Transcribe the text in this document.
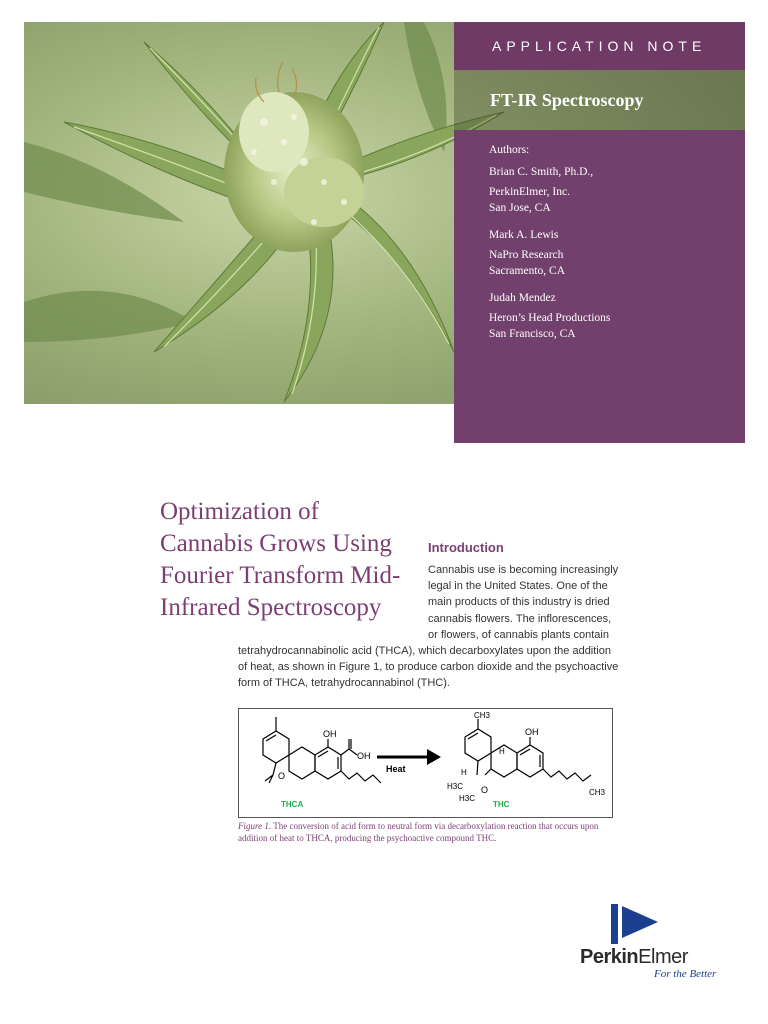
APPLICATION NOTE
FT-IR Spectroscopy
Authors:
Brian C. Smith, Ph.D.,
PerkinElmer, Inc.
San Jose, CA
Mark A. Lewis
NaPro Research
Sacramento, CA
Judah Mendez
Heron’s Head Productions
San Francisco, CA
Optimization of
Cannabis Grows Using
Fourier Transform Mid-
Infrared Spectroscopy
Introduction
Cannabis use is becoming increasingly
legal in the United States. One of the
main products of this industry is dried
cannabis flowers. The inflorescences,
or flowers, of cannabis plants contain
tetrahydrocannabinolic acid (THCA), which decarboxylates upon the addition
of heat, as shown in Figure 1, to produce carbon dioxide and the psychoactive
form of THCA, tetrahydrocannabinol (THC).
OH
OH
O
THCA
Heat
CH3
OH
H
H
H3C
H3C
O	CH3
THC
Figure 1. The conversion of acid form to neutral form via decarboxylation reaction that occurs upon addition of heat to THCA, producing the psychoactive compound THC.
PerkinElmer
For the Better
